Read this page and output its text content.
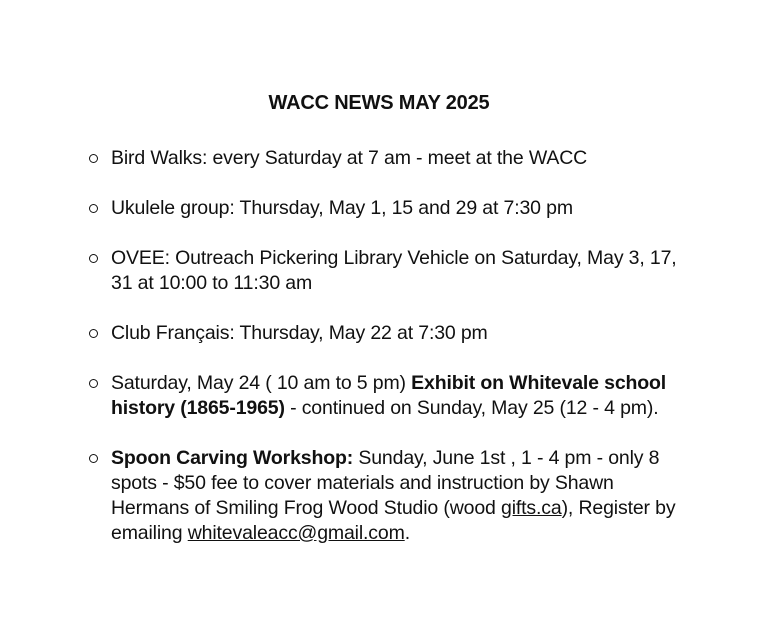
WACC NEWS MAY 2025
Bird Walks: every Saturday at 7 am - meet at the WACC
Ukulele group: Thursday, May 1, 15 and 29 at 7:30 pm
OVEE: Outreach Pickering Library Vehicle on Saturday, May 3, 17, 31 at 10:00 to 11:30 am
Club Français: Thursday, May 22 at 7:30 pm
Saturday, May 24 ( 10 am to 5 pm) Exhibit on Whitevale school history (1865-1965) - continued on Sunday, May 25 (12 - 4 pm).
Spoon Carving Workshop: Sunday, June 1st , 1 - 4 pm - only 8 spots - $50 fee to cover materials and instruction by Shawn Hermans of Smiling Frog Wood Studio (wood gifts.ca), Register by emailing whitevaleacc@gmail.com.
